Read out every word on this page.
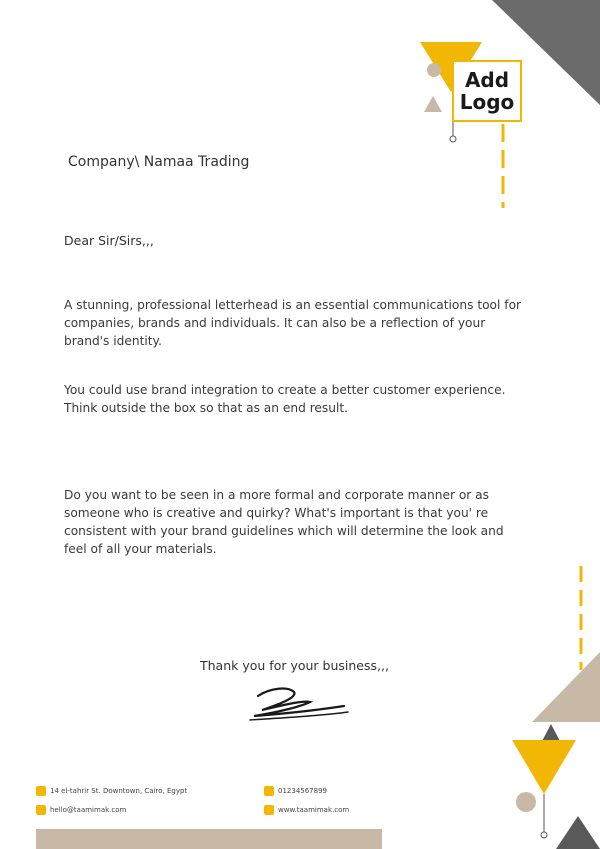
Add
Logo
Company\ Namaa Trading
Dear Sir/Sirs,,,
A stunning, professional letterhead is an essential communications tool for companies, brands and individuals. It can also be a reflection of your brand's identity.
You could use brand integration to create a better customer experience. Think outside the box so that as an end result.
Do you want to be seen in a more formal and corporate manner or as someone who is creative and quirky? What's important is that you' re consistent with your brand guidelines which will determine the look and feel of all your materials.
Thank you for your business,,,
14 el-tahrir St. Downtown, Cairo, Egypt
hello@taamimak.com
01234567899
www.taamimak.com
